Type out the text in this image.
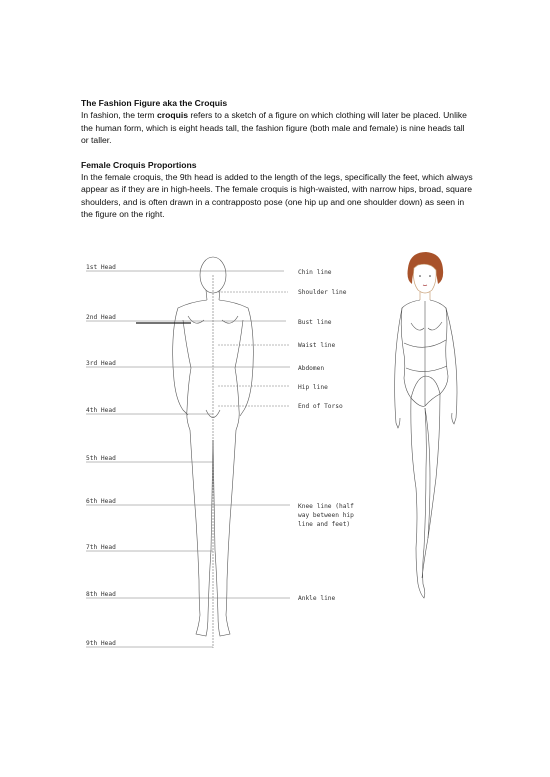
The Fashion Figure aka the Croquis

In fashion, the term croquis refers to a sketch of a figure on which clothing will later be placed. Unlike the human form, which is eight heads tall, the fashion figure (both male and female) is nine heads tall or taller.

Female Croquis Proportions

In the female croquis, the 9th head is added to the length of the legs, specifically the feet, which always appear as if they are in high-heels. The female croquis is high-waisted, with narrow hips, broad, square shoulders, and is often drawn in a contrapposto pose (one hip up and one shoulder down) as seen in the figure on the right.

1st Head
2nd Head
3rd Head
4th Head
5th Head
6th Head
7th Head
8th Head
9th Head
Chin line
Shoulder line
Bust line
Waist line
Abdomen
Hip line
End of Torso
Knee line (half
way between hip
line and feet)
Ankle line
